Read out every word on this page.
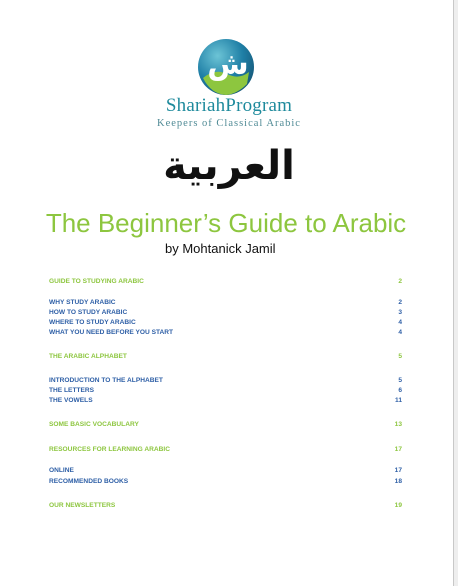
ش
ShariahProgram
Keepers of Classical Arabic
العربية
The Beginner’s Guide to Arabic
by Mohtanick Jamil
GUIDE TO STUDYING ARABIC	2
WHY STUDY ARABIC	2
HOW TO STUDY ARABIC	3
WHERE TO STUDY ARABIC	4
WHAT YOU NEED BEFORE YOU START	4
THE ARABIC ALPHABET	5
INTRODUCTION TO THE ALPHABET	5
THE LETTERS	6
THE VOWELS	11
SOME BASIC VOCABULARY	13
RESOURCES FOR LEARNING ARABIC	17
ONLINE	17
RECOMMENDED BOOKS	18
OUR NEWSLETTERS	19
